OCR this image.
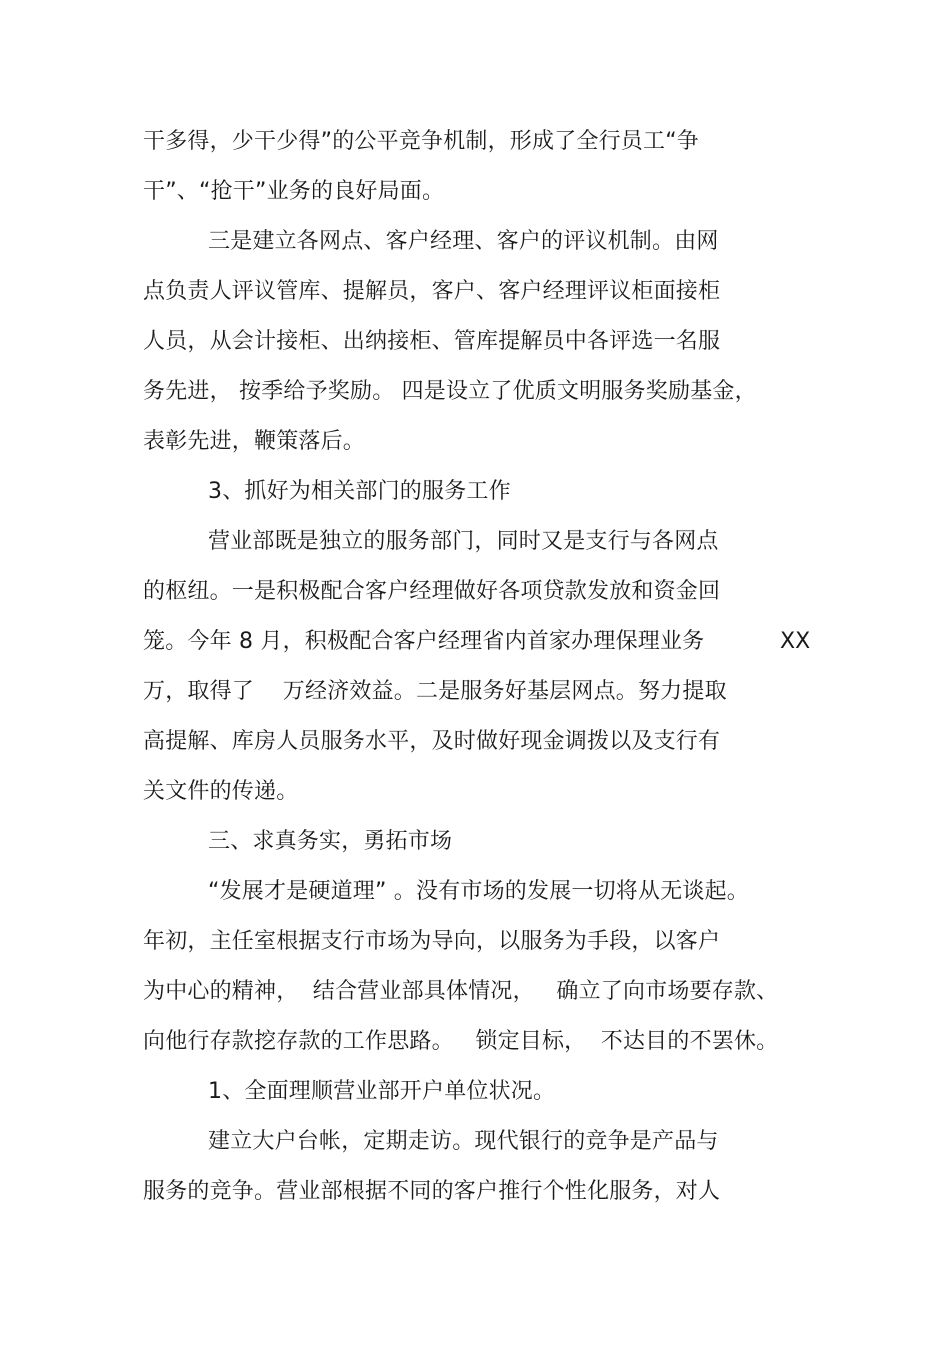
干多得，少干少得”的公平竞争机制，形成了全行员工“争
干”、“抢干”业务的良好局面。
三是建立各网点、客户经理、客户的评议机制。由网
点负责人评议管库、提解员，客户、客户经理评议柜面接柜
人员，从会计接柜、出纳接柜、管库提解员中各评选一名服
务先进， 按季给予奖励。 四是设立了优质文明服务奖励基金，
表彰先进，鞭策落后。
3、抓好为相关部门的服务工作
营业部既是独立的服务部门，同时又是支行与各网点
的枢纽。一是积极配合客户经理做好各项贷款发放和资金回
笼。今年 8 月，积极配合客户经理省内首家办理保理业务	XX
万，取得了    万经济效益。二是服务好基层网点。努力提取
高提解、库房人员服务水平，及时做好现金调拨以及支行有
关文件的传递。
三、求真务实，勇拓市场
“发展才是硬道理” 。没有市场的发展一切将从无谈起。
年初，主任室根据支行市场为导向，以服务为手段，以客户
为中心的精神，  结合营业部具体情况，   确立了向市场要存款、
向他行存款挖存款的工作思路。   锁定目标，  不达目的不罢休。
1、全面理顺营业部开户单位状况。
建立大户台帐，定期走访。现代银行的竞争是产品与
服务的竞争。营业部根据不同的客户推行个性化服务，对人
